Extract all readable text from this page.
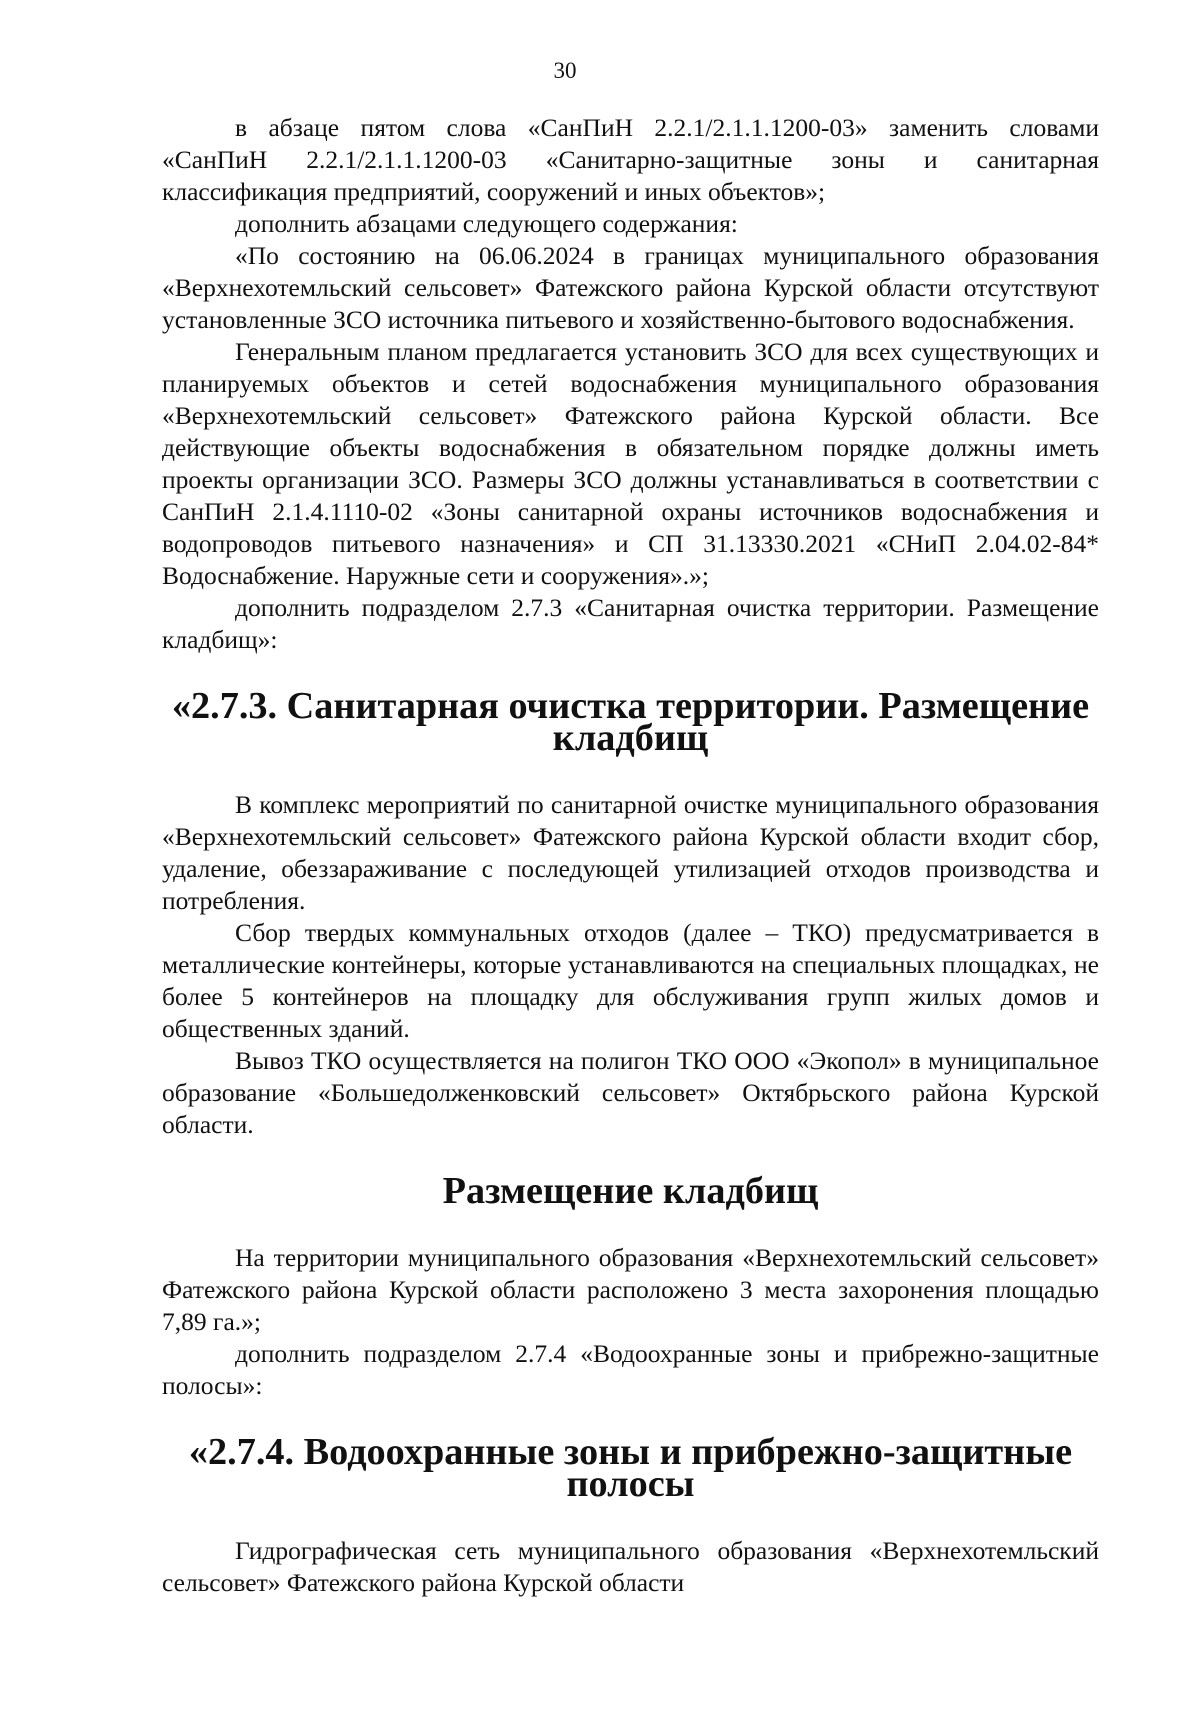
30

в абзаце пятом слова «СанПиН 2.2.1/2.1.1.1200-03» заменить словами «СанПиН 2.2.1/2.1.1.1200-03 «Санитарно-защитные зоны и санитарная классификация предприятий, сооружений и иных объектов»;

дополнить абзацами следующего содержания:

«По состоянию на 06.06.2024 в границах муниципального образования «Верхнехотемльский сельсовет» Фатежского района Курской области отсутствуют установленные ЗСО источника питьевого и хозяйственно-бытового водоснабжения.

Генеральным планом предлагается установить ЗСО для всех существующих и планируемых объектов и сетей водоснабжения муниципального образования «Верхнехотемльский сельсовет» Фатежского района Курской области. Все действующие объекты водоснабжения в обязательном порядке должны иметь проекты организации ЗСО. Размеры ЗСО должны устанавливаться в соответствии с СанПиН 2.1.4.1110-02 «Зоны санитарной охраны источников водоснабжения и водопроводов питьевого назначения» и СП 31.13330.2021 «СНиП 2.04.02-84* Водоснабжение. Наружные сети и сооружения».»;

дополнить подразделом 2.7.3 «Санитарная очистка территории. Размещение кладбищ»:

«2.7.3. Санитарная очистка территории. Размещение кладбищ

В комплекс мероприятий по санитарной очистке муниципального образования «Верхнехотемльский сельсовет» Фатежского района Курской области входит сбор, удаление, обеззараживание с последующей утилизацией отходов производства и потребления.

Сбор твердых коммунальных отходов (далее – ТКО) предусматривается в металлические контейнеры, которые устанавливаются на специальных площадках, не более 5 контейнеров на площадку для обслуживания групп жилых домов и общественных зданий.

Вывоз ТКО осуществляется на полигон ТКО ООО «Экопол» в муниципальное образование «Большедолженковский сельсовет» Октябрьского района Курской области.

Размещение кладбищ

На территории муниципального образования «Верхнехотемльский сельсовет» Фатежского района Курской области расположено 3 места захоронения площадью 7,89 га.»;

дополнить подразделом 2.7.4 «Водоохранные зоны и прибрежно-защитные полосы»:

«2.7.4. Водоохранные зоны и прибрежно-защитные полосы

Гидрографическая сеть муниципального образования «Верхнехотемльский сельсовет» Фатежского района Курской области
